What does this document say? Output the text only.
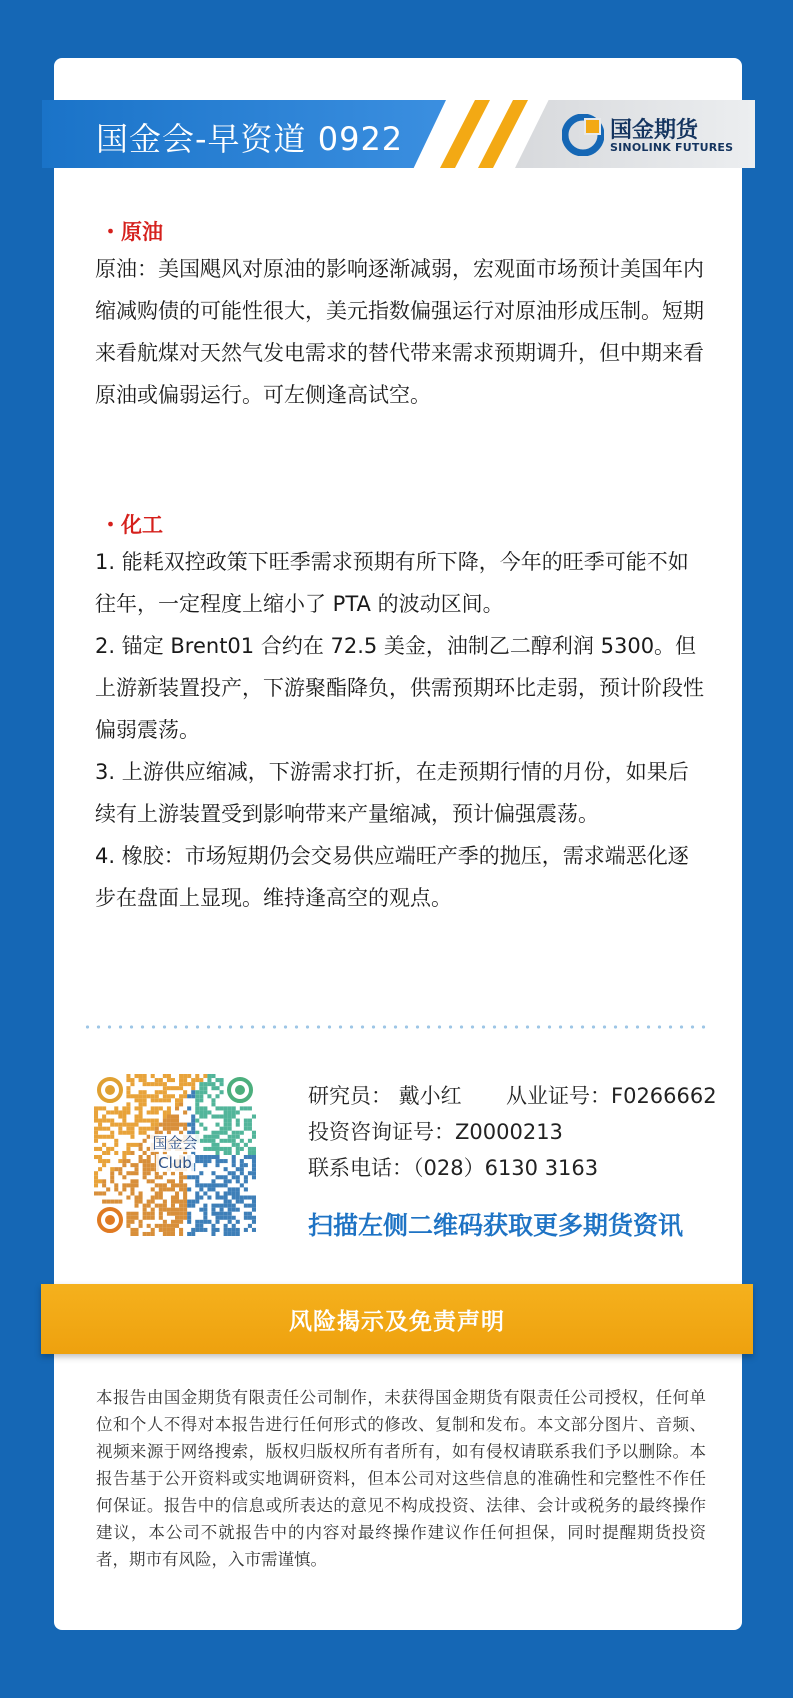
国金会-早资道 0922	国金期货
SINOLINK FUTURES
・原油

原油：美国飓风对原油的影响逐渐减弱，宏观面市场预计美国年内缩减购债的可能性很大，美元指数偏强运行对原油形成压制。短期来看航煤对天然气发电需求的替代带来需求预期调升，但中期来看原油或偏弱运行。可左侧逢高试空。

・化工

1. 能耗双控政策下旺季需求预期有所下降，今年的旺季可能不如往年，一定程度上缩小了 PTA 的波动区间。

2. 锚定 Brent01 合约在 72.5 美金，油制乙二醇利润 5300。但上游新装置投产，下游聚酯降负，供需预期环比走弱，预计阶段性偏弱震荡。

3. 上游供应缩减，下游需求打折，在走预期行情的月份，如果后续有上游装置受到影响带来产量缩减，预计偏强震荡。

4. 橡胶：市场短期仍会交易供应端旺产季的抛压，需求端恶化逐步在盘面上显现。维持逢高空的观点。

国金会
Club
研究员： 戴小红 从业证号：F0266662
投资咨询证号：Z0000213
联系电话：（028）6130 3163
扫描左侧二维码获取更多期货资讯
风险揭示及免责声明
本报告由国金期货有限责任公司制作，未获得国金期货有限责任公司授权，任何单位和个人不得对本报告进行任何形式的修改、复制和发布。本文部分图片、音频、视频来源于网络搜索，版权归版权所有者所有，如有侵权请联系我们予以删除。本报告基于公开资料或实地调研资料，但本公司对这些信息的准确性和完整性不作任何保证。报告中的信息或所表达的意见不构成投资、法律、会计或税务的最终操作建议，本公司不就报告中的内容对最终操作建议作任何担保，同时提醒期货投资者，期市有风险，入市需谨慎。
